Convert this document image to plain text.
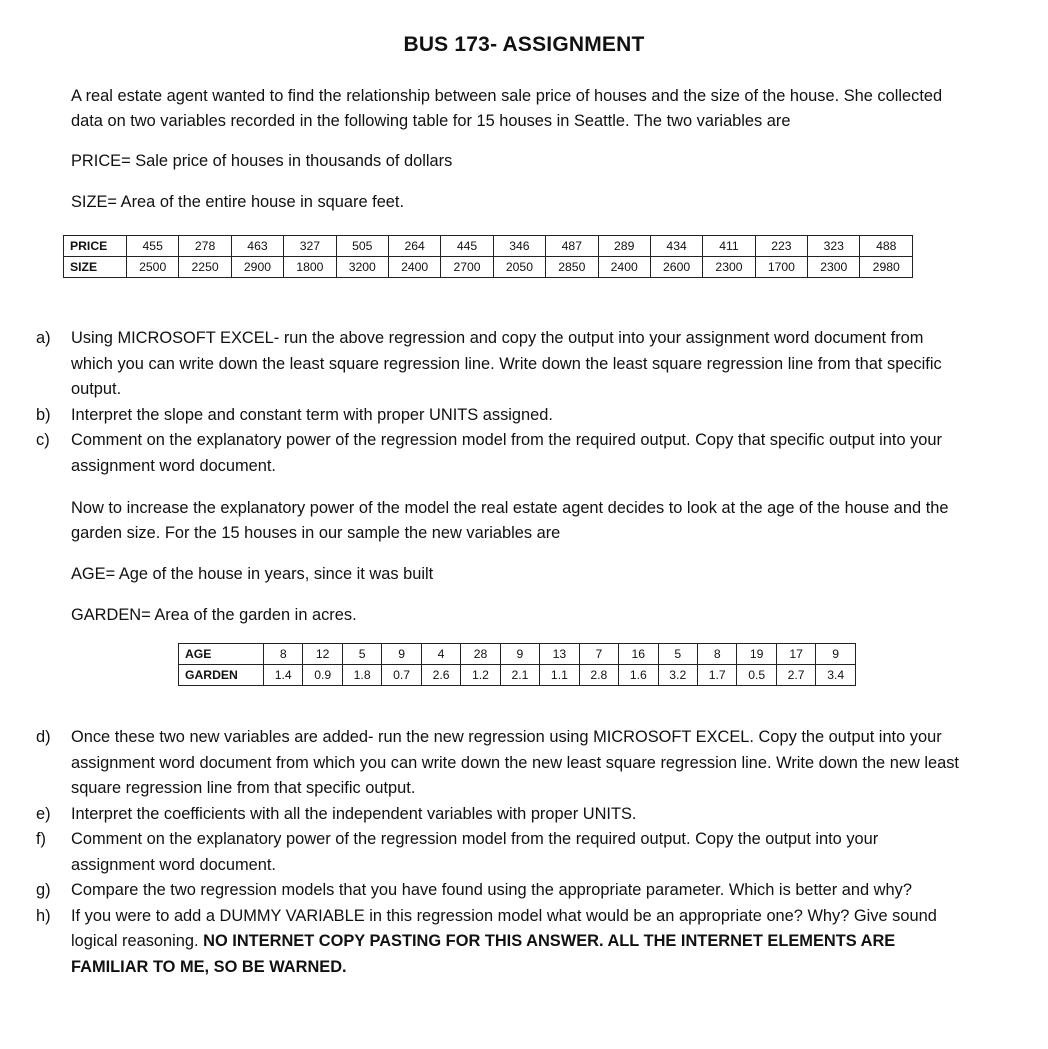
BUS 173- ASSIGNMENT
A real estate agent wanted to find the relationship between sale price of houses and the size of the house. She collected data on two variables recorded in the following table for 15 houses in Seattle. The two variables are
PRICE= Sale price of houses in thousands of dollars
SIZE= Area of the entire house in square feet.
PRICE	455	278	463	327	505	264	445	346	487	289	434	411	223	323	488
SIZE	2500	2250	2900	1800	3200	2400	2700	2050	2850	2400	2600	2300	1700	2300	2980
a)	Using MICROSOFT EXCEL- run the above regression and copy the output into your assignment word document from which you can write down the least square regression line. Write down the least square regression line from that specific output.
b)	Interpret the slope and constant term with proper UNITS assigned.
c)	Comment on the explanatory power of the regression model from the required output. Copy that specific output into your assignment word document.
Now to increase the explanatory power of the model the real estate agent decides to look at the age of the house and the garden size. For the 15 houses in our sample the new variables are
AGE= Age of the house in years, since it was built
GARDEN= Area of the garden in acres.
AGE	8	12	5	9	4	28	9	13	7	16	5	8	19	17	9
GARDEN	1.4	0.9	1.8	0.7	2.6	1.2	2.1	1.1	2.8	1.6	3.2	1.7	0.5	2.7	3.4
d)	Once these two new variables are added- run the new regression using MICROSOFT EXCEL. Copy the output into your assignment word document from which you can write down the new least square regression line. Write down the new least square regression line from that specific output.
e)	Interpret the coefficients with all the independent variables with proper UNITS.
f)	Comment on the explanatory power of the regression model from the required output. Copy the output into your assignment word document.
g)	Compare the two regression models that you have found using the appropriate parameter. Which is better and why?
h)	If you were to add a DUMMY VARIABLE in this regression model what would be an appropriate one? Why? Give sound logical reasoning. NO INTERNET COPY PASTING FOR THIS ANSWER. ALL THE INTERNET ELEMENTS ARE FAMILIAR TO ME, SO BE WARNED.
